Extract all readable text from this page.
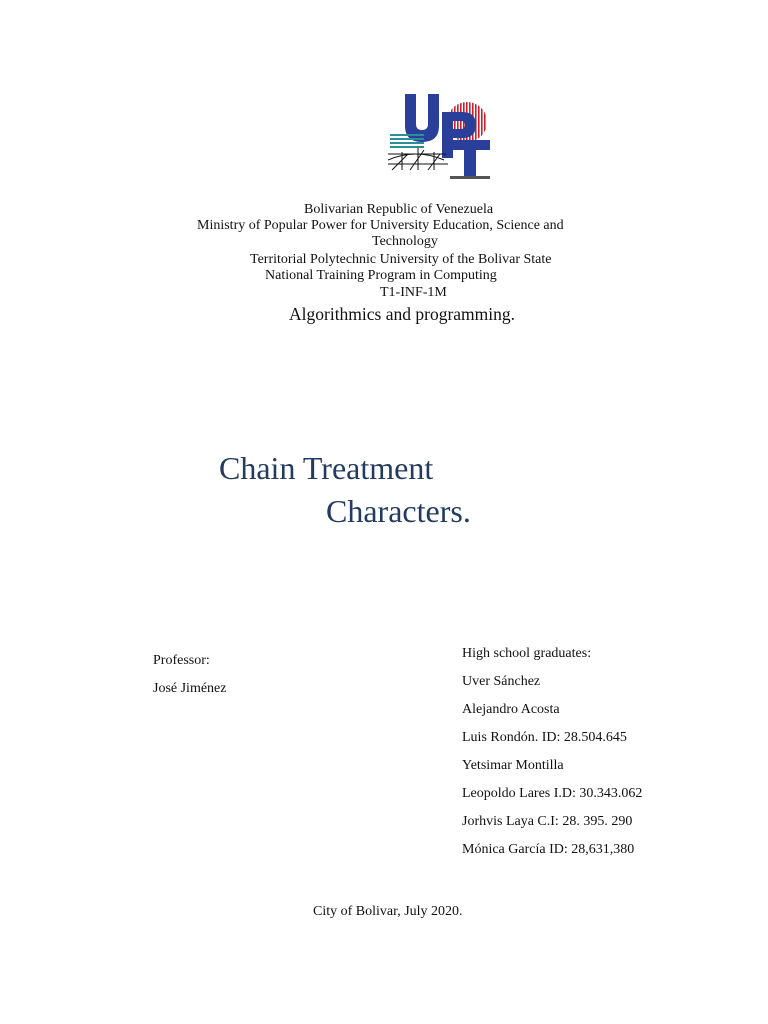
Bolivarian Republic of Venezuela
Ministry of Popular Power for University Education, Science and
Technology
Territorial Polytechnic University of the Bolivar State
National Training Program in Computing
T1-INF-1M
Algorithmics and programming.
Chain Treatment
Characters.
Professor:
José Jiménez
High school graduates:
Uver Sánchez
Alejandro Acosta
Luis Rondón. ID: 28.504.645
Yetsimar Montilla
Leopoldo Lares I.D: 30.343.062
Jorhvis Laya C.I: 28. 395. 290
Mónica García ID: 28,631,380
City of Bolivar, July 2020.
